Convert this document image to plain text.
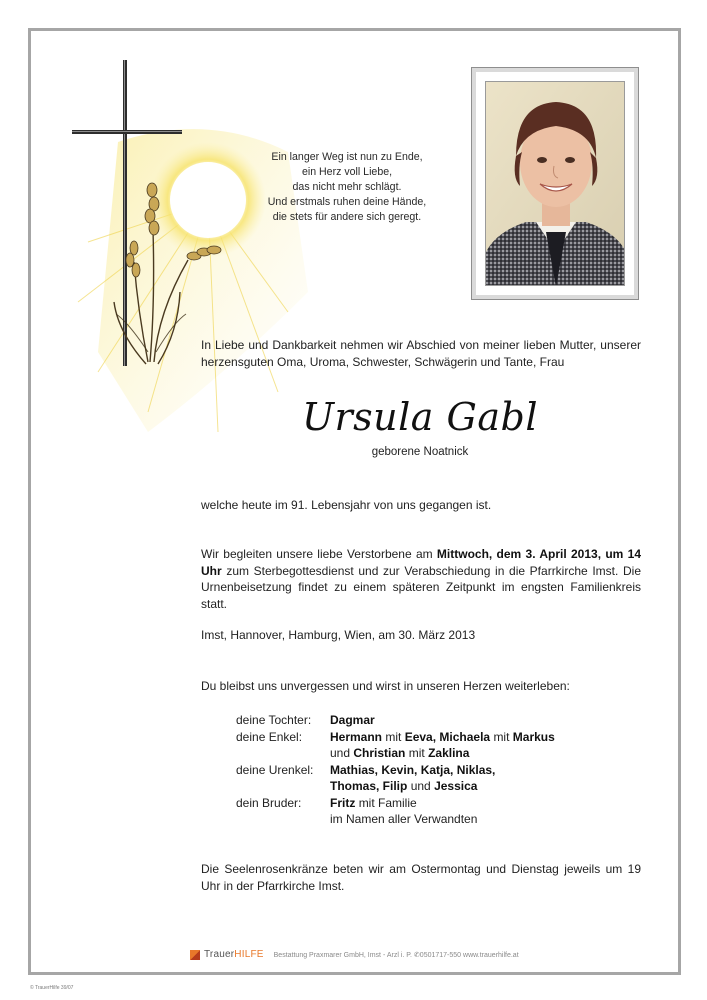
Ein langer Weg ist nun zu Ende,
ein Herz voll Liebe,
das nicht mehr schlägt.
Und erstmals ruhen deine Hände,
die stets für andere sich geregt.
In Liebe und Dankbarkeit nehmen wir Abschied von meiner lieben Mutter, unserer herzensguten Oma, Uroma, Schwester, Schwägerin und Tante, Frau
Ursula Gabl
geborene Noatnick
welche heute im 91. Lebensjahr von uns gegangen ist.

Wir begleiten unsere liebe Verstorbene am Mittwoch, dem 3. April 2013, um 14 Uhr zum Sterbegottesdienst und zur Verabschiedung in die Pfarrkirche Imst. Die Urnenbeisetzung findet zu einem späteren Zeitpunkt im engsten Familienkreis statt.

Imst, Hannover, Hamburg, Wien, am 30. März 2013
Du bleibst uns unvergessen und wirst in unseren Herzen weiterleben:
deine Tochter:	Dagmar
deine Enkel:	Hermann mit Eeva, Michaela mit Markus
und Christian mit Zaklina
deine Urenkel:	Mathias, Kevin, Katja, Niklas,
Thomas, Filip und Jessica
dein Bruder:	Fritz mit Familie
im Namen aller Verwandten
Die Seelenrosenkränze beten wir am Ostermontag und Dienstag jeweils um 19 Uhr in der Pfarrkirche Imst.
TrauerHILFE Bestattung Praxmarer GmbH, Imst - Arzl i. P. ✆0501717-550 www.trauerhilfe.at
© TrauerHilfe 39/07
